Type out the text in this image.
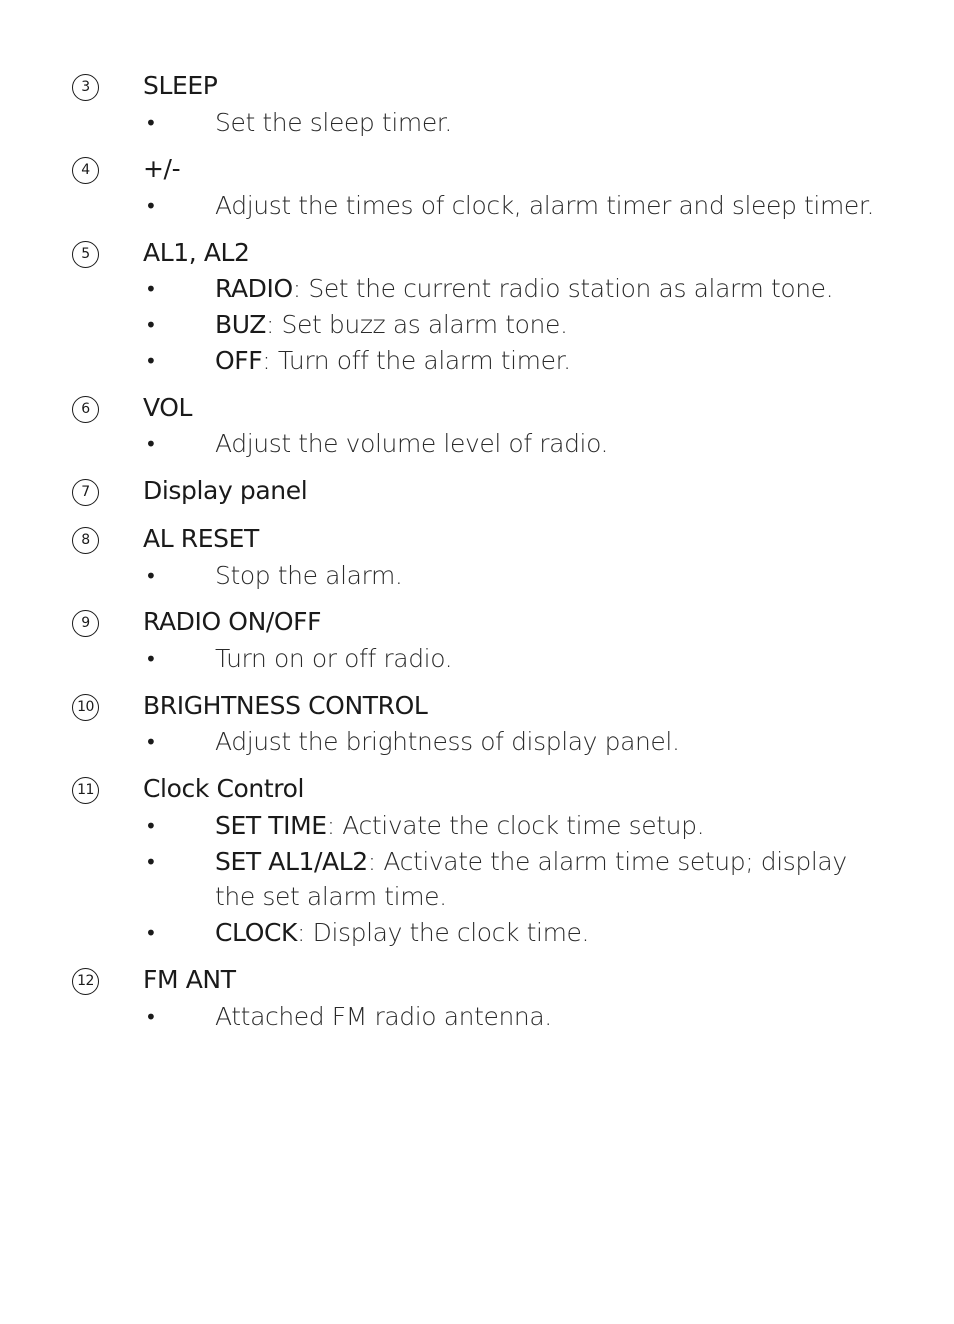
3	SLEEP
• Set the sleep timer.
4	+/-
• Adjust the times of clock, alarm timer and sleep timer.
5	AL1, AL2
• RADIO: Set the current radio station as alarm tone.
• BUZ: Set buzz as alarm tone.
• OFF: Turn off the alarm timer.
6	VOL
• Adjust the volume level of radio.
7	Display panel
8	AL RESET
• Stop the alarm.
9	RADIO ON/OFF
• Turn on or off radio.
10 BRIGHTNESS CONTROL
• Adjust the brightness of display panel.
11 Clock Control
• SET TIME: Activate the clock time setup.
• SET AL1/AL2: Activate the alarm time setup; display the set alarm time.
• CLOCK: Display the clock time.
12 FM ANT
• Attached FM radio antenna.
